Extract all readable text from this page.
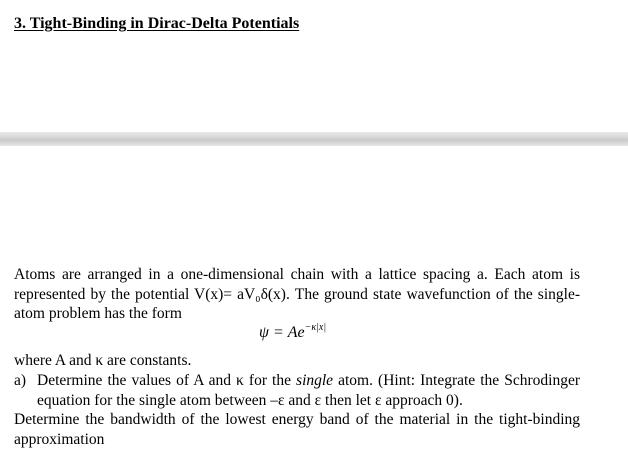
3. Tight-Binding in Dirac-Delta Potentials
Atoms are arranged in a one-dimensional chain with a lattice spacing a. Each atom is represented by the potential V(x)= aV₀δ(x). The ground state wavefunction of the single-atom problem has the form
$\psi = Ae^{-\kappa|x|}$
where A and κ are constants.
a) Determine the values of A and κ for the single atom. (Hint: Integrate the Schrodinger equation for the single atom between –ε and ε then let ε approach 0).
Determine the bandwidth of the lowest energy band of the material in the tight-binding approximation
